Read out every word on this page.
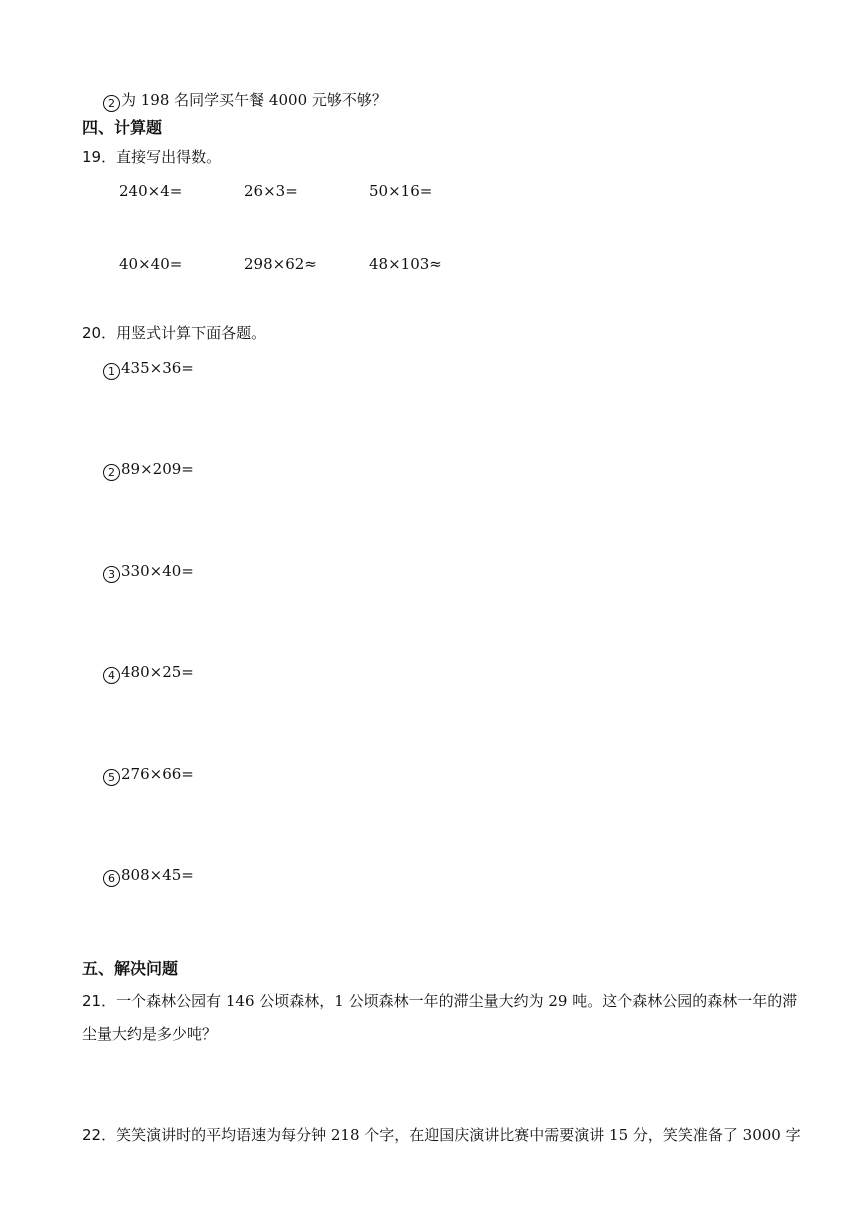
2 为 198 名同学买午餐 4000 元够不够？
四、计算题
19．直接写出得数。
240×4=	26×3=	50×16=
40×40=	298×62≈	48×103≈
20．用竖式计算下面各题。
1 435×36=
2 89×209=
3 330×40=
4 480×25=
5 276×66=
6 808×45=
五、解决问题
21．一个森林公园有 146 公顷森林，1 公顷森林一年的滞尘量大约为 29 吨。这个森林公园的森林一年的滞尘量大约是多少吨？
22．笑笑演讲时的平均语速为每分钟 218 个字，在迎国庆演讲比赛中需要演讲 15 分，笑笑准备了 3000 字
